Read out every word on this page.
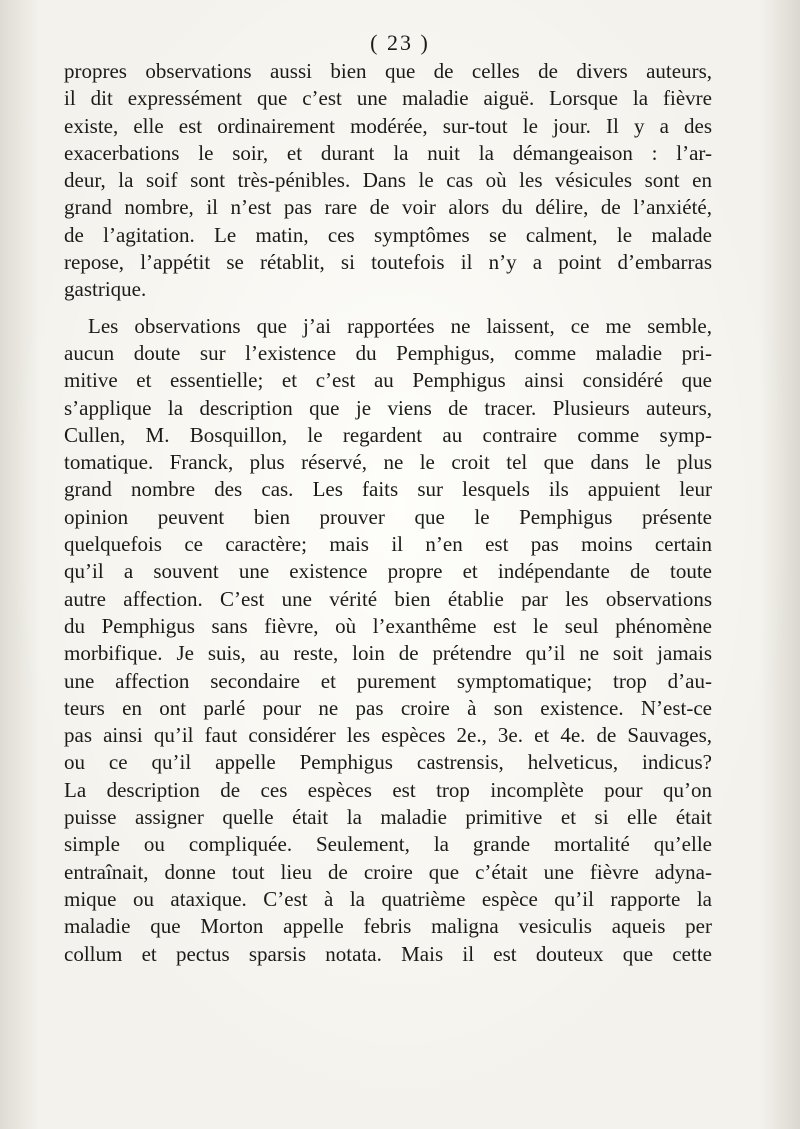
( 23 )
propres observations aussi bien que de celles de divers auteurs,
il dit expressément que c’est une maladie aiguë. Lorsque la fièvre
existe, elle est ordinairement modérée, sur-tout le jour. Il y a des
exacerbations le soir, et durant la nuit la démangeaison : l’ar-
deur, la soif sont très-pénibles. Dans le cas où les vésicules sont en
grand nombre, il n’est pas rare de voir alors du délire, de l’anxiété,
de l’agitation. Le matin, ces symptômes se calment, le malade
repose, l’appétit se rétablit, si toutefois il n’y a point d’embarras
gastrique.
Les observations que j’ai rapportées ne laissent, ce me semble,
aucun doute sur l’existence du Pemphigus, comme maladie pri-
mitive et essentielle; et c’est au Pemphigus ainsi considéré que
s’applique la description que je viens de tracer. Plusieurs auteurs,
Cullen, M. Bosquillon, le regardent au contraire comme symp-
tomatique. Franck, plus réservé, ne le croit tel que dans le plus
grand nombre des cas. Les faits sur lesquels ils appuient leur
opinion peuvent bien prouver que le Pemphigus présente
quelquefois ce caractère; mais il n’en est pas moins certain
qu’il a souvent une existence propre et indépendante de toute
autre affection. C’est une vérité bien établie par les observations
du Pemphigus sans fièvre, où l’exanthême est le seul phénomène
morbifique. Je suis, au reste, loin de prétendre qu’il ne soit jamais
une affection secondaire et purement symptomatique; trop d’au-
teurs en ont parlé pour ne pas croire à son existence. N’est-ce
pas ainsi qu’il faut considérer les espèces 2e., 3e. et 4e. de Sauvages,
ou ce qu’il appelle Pemphigus castrensis, helveticus, indicus?
La description de ces espèces est trop incomplète pour qu’on
puisse assigner quelle était la maladie primitive et si elle était
simple ou compliquée. Seulement, la grande mortalité qu’elle
entraînait, donne tout lieu de croire que c’était une fièvre adyna-
mique ou ataxique. C’est à la quatrième espèce qu’il rapporte la
maladie que Morton appelle febris maligna vesiculis aqueis per
collum et pectus sparsis notata. Mais il est douteux que cette
